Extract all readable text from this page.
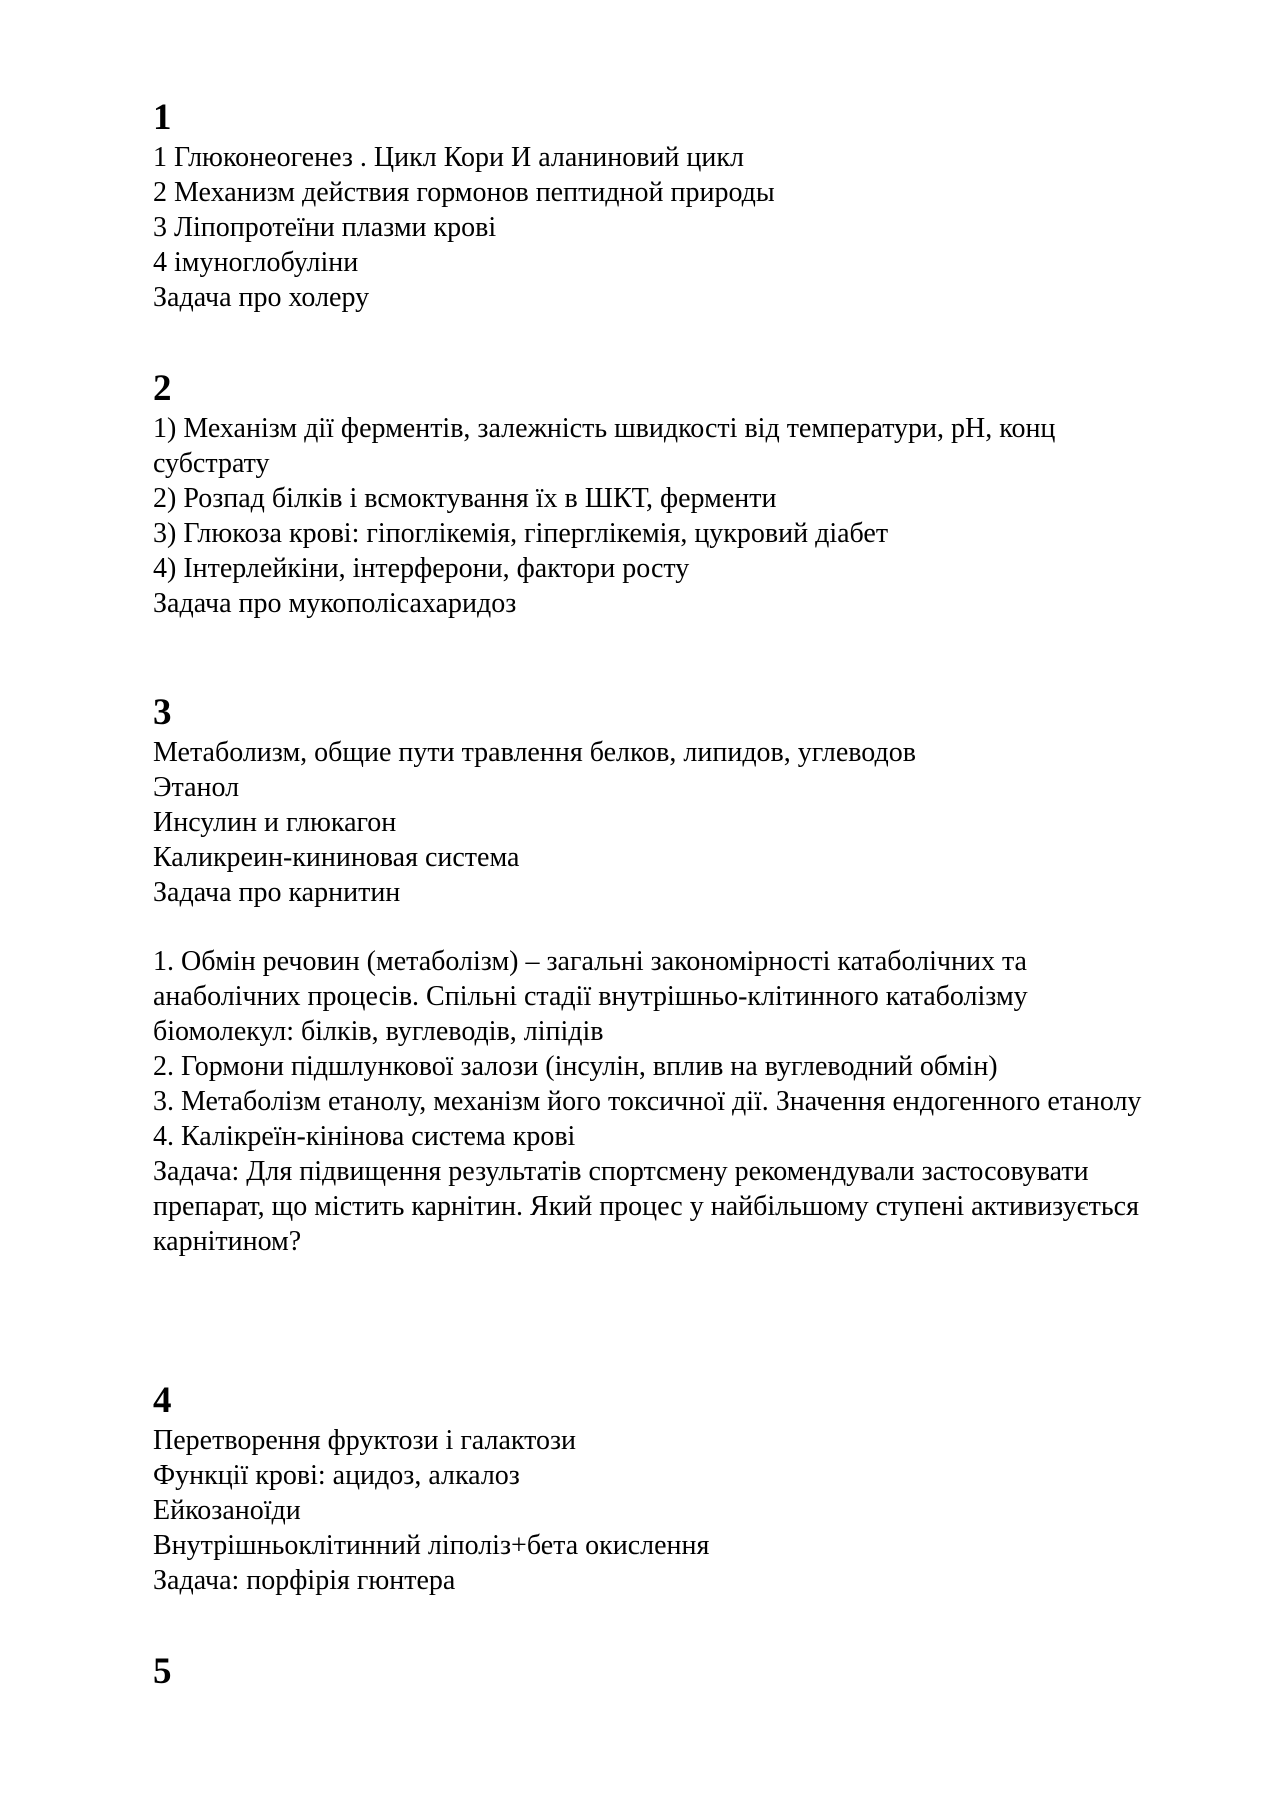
1
1 Глюконеогенез . Цикл Кори И аланиновий цикл
2 Механизм действия гормонов пептидной природы
3 Ліпопротеїни плазми крові
4 імуноглобуліни
Задача про холеру
2
1) Механізм дії ферментів, залежність швидкості від температури, pH, конц субстрату
2) Розпад білків і всмоктування їх в ШКТ, ферменти
3) Глюкоза крові: гіпоглікемія, гіперглікемія, цукровий діабет
4) Інтерлейкіни, інтерферони, фактори росту
Задача про мукополісахаридоз
3
Метаболизм, общие пути травлення белков, липидов, углеводов
Этанол
Инсулин и глюкагон
Каликреин-кининовая система
Задача про карнитин
1. Обмін речовин (метаболізм) – загальні закономірності катаболічних та анаболічних процесів. Спільні стадії внутрішньо-клітинного катаболізму біомолекул: білків, вуглеводів, ліпідів
2. Гормони підшлункової залози (інсулін, вплив на вуглеводний обмін)
3. Метаболізм етанолу, механізм його токсичної дії. Значення ендогенного етанолу
4. Калікреїн-кінінова система крові
Задача: Для підвищення результатів спортсмену рекомендували застосовувати препарат, що містить карнітин. Який процес у найбільшому ступені активизується карнітином?
4
Перетворення фруктози і галактози
Функції крові: ацидоз, алкалоз
Ейкозаноїди
Внутрішньоклітинний ліполіз+бета окислення
Задача: порфірія гюнтера
5
